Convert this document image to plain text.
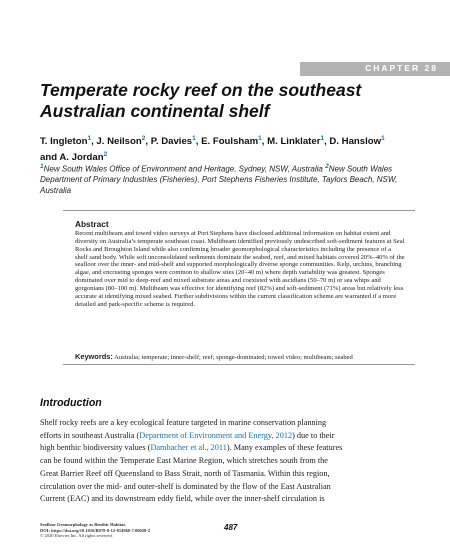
CHAPTER 28
Temperate rocky reef on the southeast
Australian continental shelf
T. Ingleton$^1$, J. Neilson$^2$, P. Davies$^1$, E. Foulsham$^1$, M. Linklater$^1$, D. Hanslow$^1$
and A. Jordan$^2$
$^1$New South Wales Office of Environment and Heritage, Sydney, NSW, Australia $^2$New South Wales Department of Primary Industries (Fisheries), Port Stephens Fisheries Institute, Taylors Beach, NSW, Australia
Abstract

Recent multibeam and towed video surveys at Port Stephens have disclosed additional information on habitat extent and diversity on Australia’s temperate southeast coast. Multibeam identified previously undescribed soft-sediment features at Seal Rocks and Broughton Island while also confirming broader geomorphological characteristics including the presence of a shelf sand body. While soft unconsolidated sediments dominate the seabed, reef, and mixed habitats covered 20%–40% of the seafloor over the inner- and mid-shelf and supported morphologically diverse sponge communities. Kelp, urchins, branching algae, and encrusting sponges were common to shallow sites (20–40 m) where depth variability was greatest. Sponges dominated over mid to deep-reef and mixed substrate areas and coexisted with ascidians (50–70 m) or sea whips and gorgonians (80–100 m). Multibeam was effective for identifying reef (82%) and soft-sediment (71%) areas but relatively less accurate at identifying mixed seabed. Further subdivisions within the current classification scheme are warranted if a more detailed and park-specific scheme is required.

Keywords: Australia; temperate; inner-shelf; reef; sponge-dominated; towed video; multibeam; seabed
Introduction

Shelf rocky reefs are a key ecological feature targeted in marine conservation planning
efforts in southeast Australia (Department of Environment and Energy, 2012) due to their
high benthic biodiversity values (Dambacher et al., 2011). Many examples of these features
can be found within the Temperate East Marine Region, which stretches south from the
Great Barrier Reef off Queensland to Bass Strait, north of Tasmania. Within this region,
circulation over the mid- and outer-shelf is dominated by the flow of the East Australian
Current (EAC) and its downstream eddy field, while over the inner-shelf circulation is

Seafloor Geomorphology as Benthic Habitat.
DOI: https://doi.org/10.1016/B978-0-12-814960-7.00028-2
© 2020 Elsevier Inc. All rights reserved.
487
